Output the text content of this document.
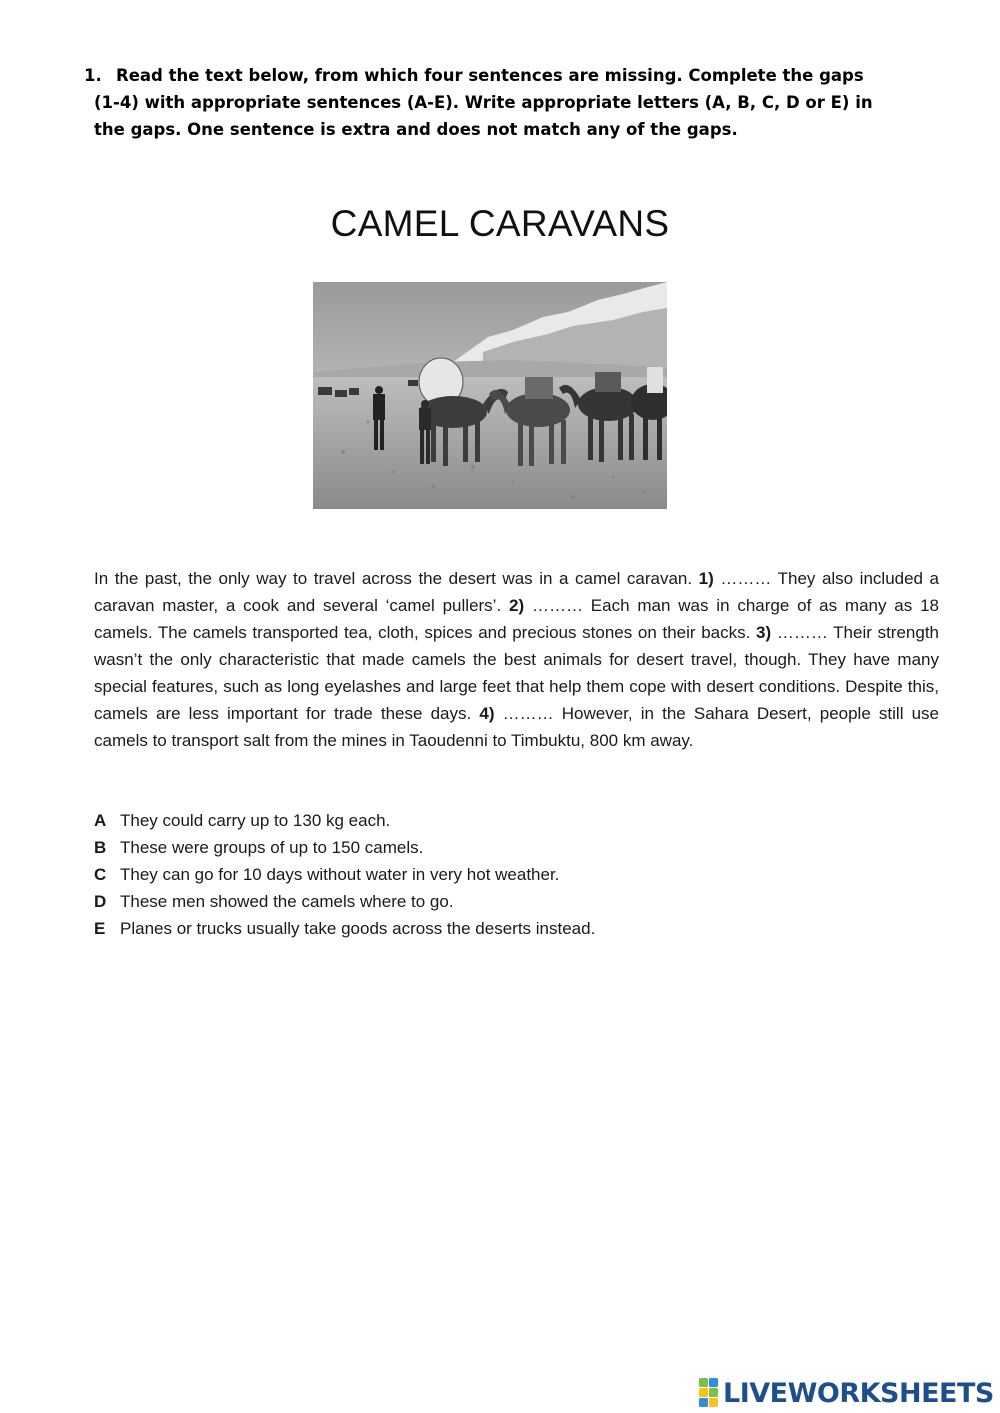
1. Read the text below, from which four sentences are missing. Complete the gaps
(1-4) with appropriate sentences (A-E). Write appropriate letters (A, B, C, D or E) in
the gaps. One sentence is extra and does not match any of the gaps.
CAMEL CARAVANS
In the past, the only way to travel across the desert was in a camel caravan. 1) ……… They also included a caravan master, a cook and several ‘camel pullers’. 2) ……… Each man was in charge of as many as 18 camels. The camels transported tea, cloth, spices and precious stones on their backs. 3) ……… Their strength wasn’t the only characteristic that made camels the best animals for desert travel, though. They have many special features, such as long eyelashes and large feet that help them cope with desert conditions. Despite this, camels are less important for trade these days. 4) ……… However, in the Sahara Desert, people still use camels to transport salt from the mines in Taoudenni to Timbuktu, 800 km away.
A They could carry up to 130 kg each.
B These were groups of up to 150 camels.
C They can go for 10 days without water in very hot weather.
D These men showed the camels where to go.
E Planes or trucks usually take goods across the deserts instead.
LIVEWORKSHEETS
